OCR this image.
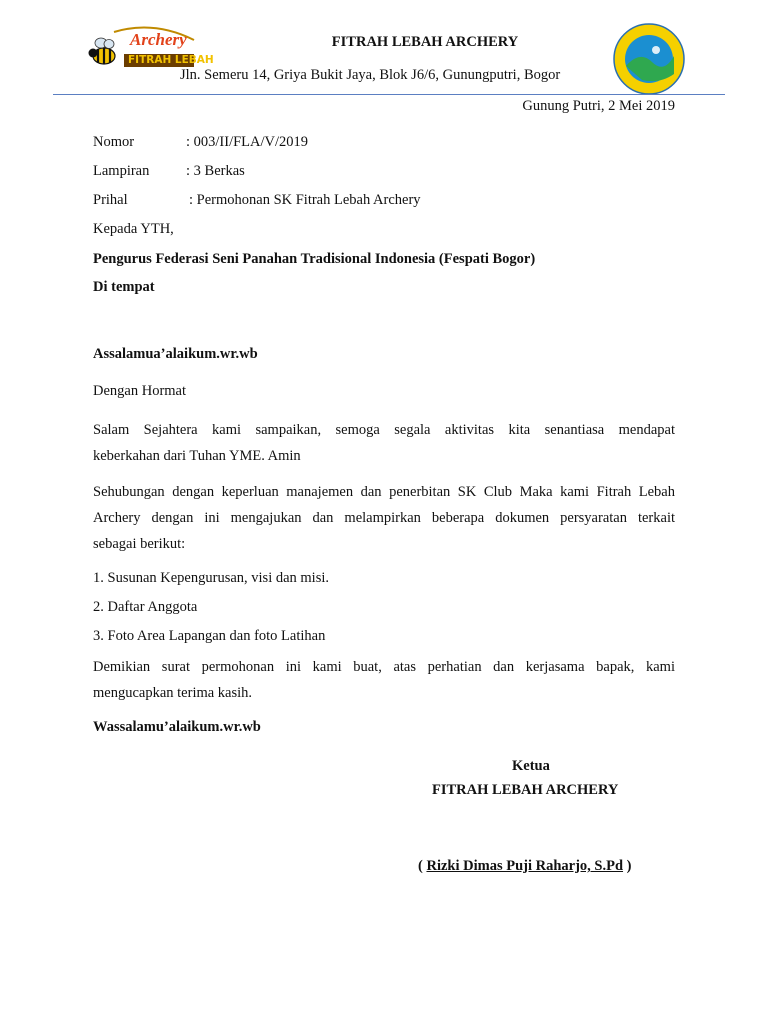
Archery
FITRAH LEBAH
FITRAH LEBAH ARCHERY
Jln. Semeru 14, Griya Bukit Jaya, Blok J6/6, Gunungputri, Bogor
Gunung Putri, 2 Mei 2019
Nomor	: 003/II/FLA/V/2019
Lampiran	: 3 Berkas
Prihal	: Permohonan SK Fitrah Lebah Archery
Kepada YTH,
Pengurus Federasi Seni Panahan Tradisional Indonesia (Fespati Bogor)
Di tempat
Assalamua’alaikum.wr.wb
Dengan Hormat
Salam Sejahtera kami sampaikan, semoga segala aktivitas kita senantiasa mendapat
keberkahan dari Tuhan YME. Amin
Sehubungan dengan keperluan manajemen dan penerbitan SK Club Maka kami Fitrah Lebah
Archery dengan ini mengajukan dan melampirkan beberapa dokumen persyaratan terkait
sebagai berikut:
1. Susunan Kepengurusan, visi dan misi.
2. Daftar Anggota
3. Foto Area Lapangan dan foto Latihan
Demikian surat permohonan ini kami buat, atas perhatian dan kerjasama bapak, kami
mengucapkan terima kasih.
Wassalamu’alaikum.wr.wb
Ketua
FITRAH LEBAH ARCHERY
( Rizki Dimas Puji Raharjo, S.Pd )
